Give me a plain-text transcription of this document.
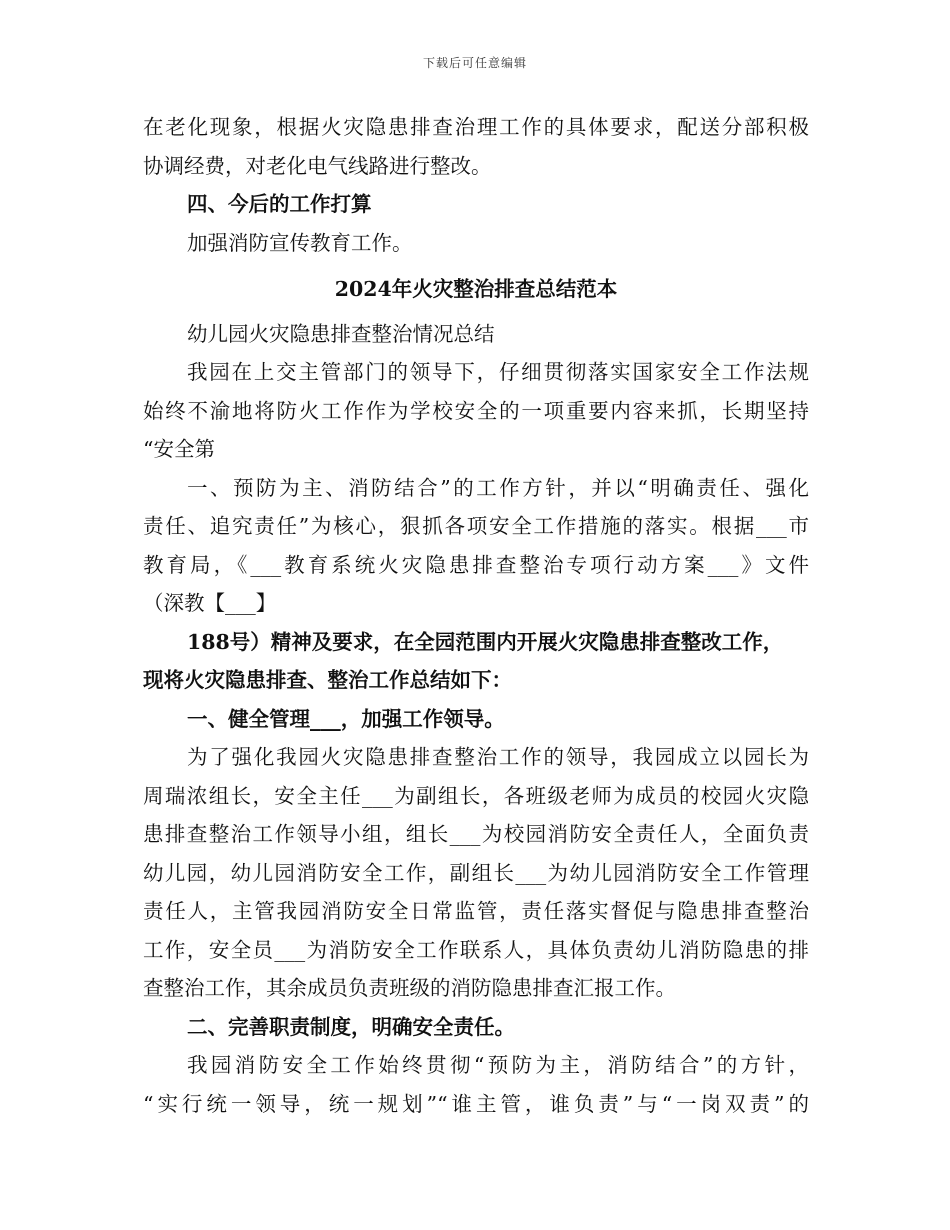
下载后可任意编辑
在老化现象，根据火灾隐患排查治理工作的具体要求，配送分部积极
协调经费，对老化电气线路进行整改。
四、今后的工作打算
加强消防宣传教育工作。
2024年火灾整治排查总结范本
幼儿园火灾隐患排查整治情况总结
我园在上交主管部门的领导下，仔细贯彻落实国家安全工作法规
始终不渝地将防火工作作为学校安全的一项重要内容来抓，长期坚持
“安全第
一、预防为主、消防结合”的工作方针，并以“明确责任、强化
责任、追究责任”为核心，狠抓各项安全工作措施的落实。根据___市
教育局，《___教育系统火灾隐患排查整治专项行动方案___》文件
（深教【___】
188号）精神及要求，在全园范围内开展火灾隐患排查整改工作，
现将火灾隐患排查、整治工作总结如下：
一、健全管理___，加强工作领导。
为了强化我园火灾隐患排查整治工作的领导，我园成立以园长为
周瑞浓组长，安全主任___为副组长，各班级老师为成员的校园火灾隐
患排查整治工作领导小组，组长___为校园消防安全责任人，全面负责
幼儿园，幼儿园消防安全工作，副组长___为幼儿园消防安全工作管理
责任人，主管我园消防安全日常监管，责任落实督促与隐患排查整治
工作，安全员___为消防安全工作联系人，具体负责幼儿消防隐患的排
查整治工作，其余成员负责班级的消防隐患排查汇报工作。
二、完善职责制度，明确安全责任。
我园消防安全工作始终贯彻“预防为主，消防结合”的方针，
“实行统一领导，统一规划”“谁主管，谁负责”与“一岗双责”的
